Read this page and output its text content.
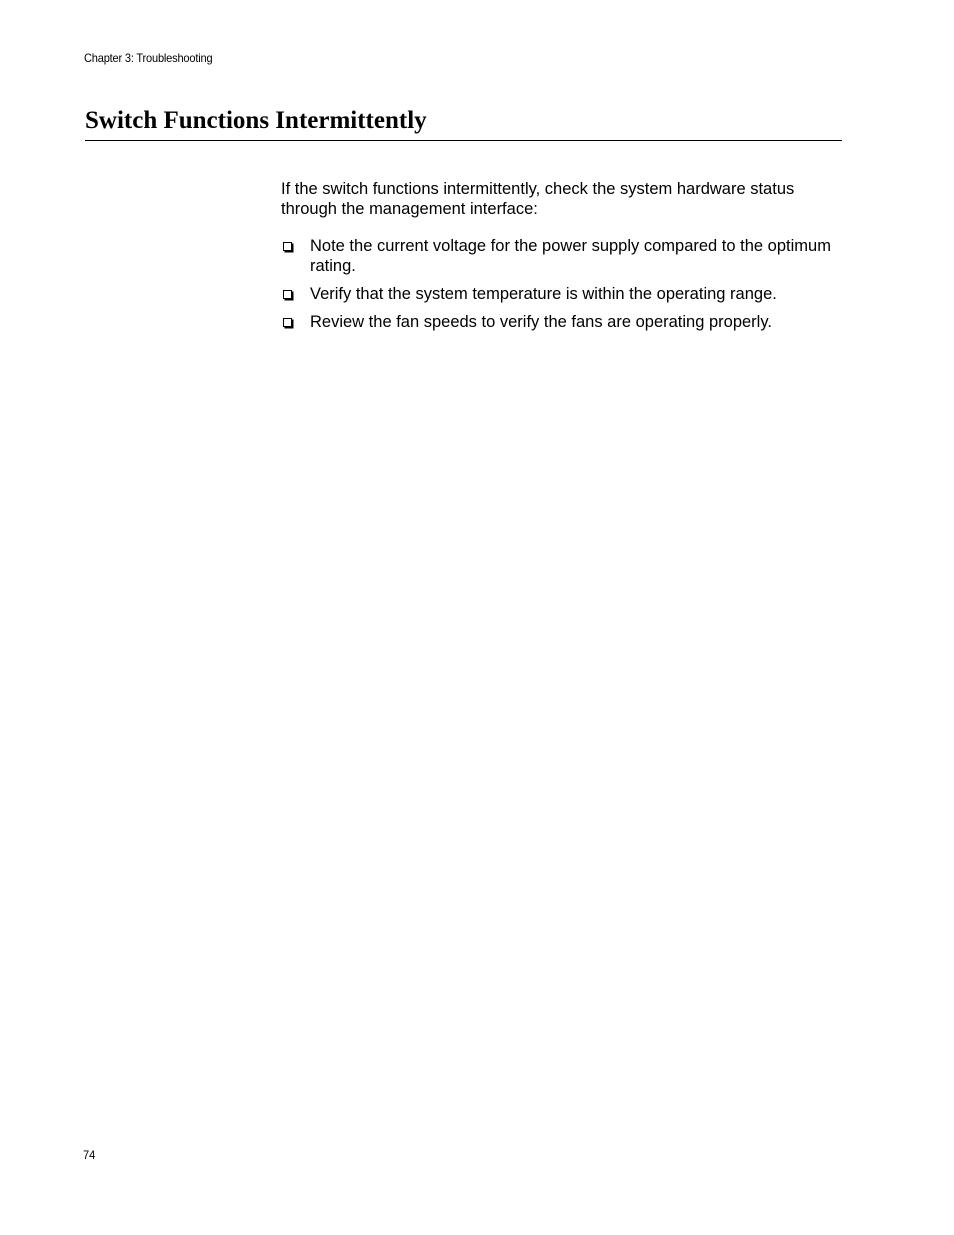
Chapter 3: Troubleshooting
Switch Functions Intermittently

If the switch functions intermittently, check the system hardware status through the management interface:

Note the current voltage for the power supply compared to the optimum rating.
Verify that the system temperature is within the operating range.
Review the fan speeds to verify the fans are operating properly.
74
